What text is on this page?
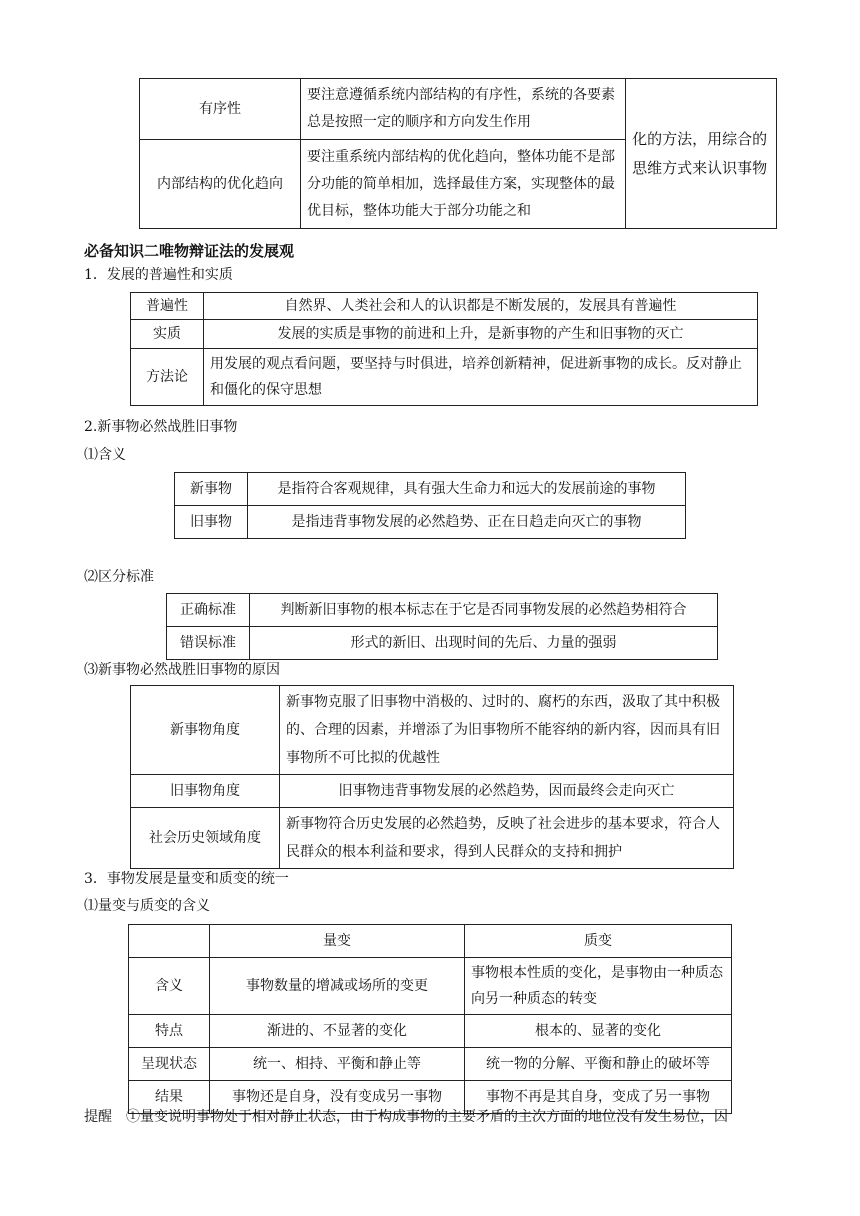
有序性	要注意遵循系统内部结构的有序性，系统的各要素总是按照一定的顺序和方向发生作用	化的方法，用综合的思维方式来认识事物
内部结构的优化趋向	要注重系统内部结构的优化趋向，整体功能不是部分功能的简单相加，选择最佳方案，实现整体的最优目标，整体功能大于部分功能之和	
必备知识二唯物辩证法的发展观
1．发展的普遍性和实质
普遍性	自然界、人类社会和人的认识都是不断发展的，发展具有普遍性
实质	发展的实质是事物的前进和上升，是新事物的产生和旧事物的灭亡
方法论	用发展的观点看问题，要坚持与时俱进，培养创新精神，促进新事物的成长。反对静止和僵化的保守思想
2.新事物必然战胜旧事物
⑴含义
新事物	是指符合客观规律，具有强大生命力和远大的发展前途的事物
旧事物	是指违背事物发展的必然趋势、正在日趋走向灭亡的事物
⑵区分标准
正确标准	判断新旧事物的根本标志在于它是否同事物发展的必然趋势相符合
错误标准	形式的新旧、出现时间的先后、力量的强弱
⑶新事物必然战胜旧事物的原因
新事物角度	新事物克服了旧事物中消极的、过时的、腐朽的东西，汲取了其中积极的、合理的因素，并增添了为旧事物所不能容纳的新内容，因而具有旧事物所不可比拟的优越性
旧事物角度	旧事物违背事物发展的必然趋势，因而最终会走向灭亡
社会历史领域角度	新事物符合历史发展的必然趋势，反映了社会进步的基本要求，符合人民群众的根本利益和要求，得到人民群众的支持和拥护
3．事物发展是量变和质变的统一
⑴量变与质变的含义
	量变	质变
含义	事物数量的增减或场所的变更	事物根本性质的变化，是事物由一种质态向另一种质态的转变
特点	渐进的、不显著的变化	根本的、显著的变化
呈现状态	统一、相持、平衡和静止等	统一物的分解、平衡和静止的破坏等
结果	事物还是自身，没有变成另一事物	事物不再是其自身，变成了另一事物
提醒　①量变说明事物处于相对静止状态，由于构成事物的主要矛盾的主次方面的地位没有发生易位，因
